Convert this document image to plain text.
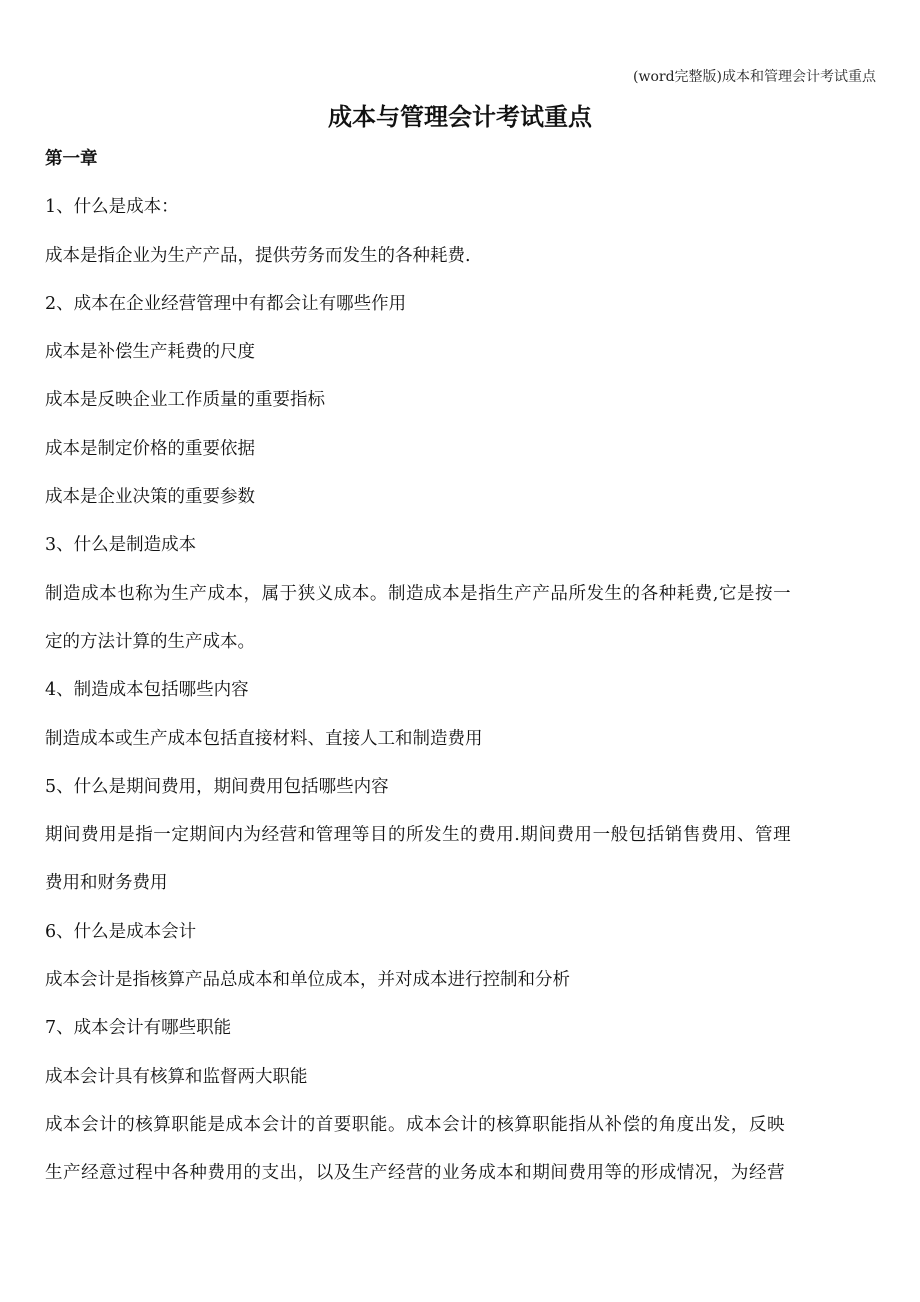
(word完整版)成本和管理会计考试重点
成本与管理会计考试重点
第一章
1、什么是成本：
成本是指企业为生产产品，提供劳务而发生的各种耗费.
2、成本在企业经营管理中有都会让有哪些作用
成本是补偿生产耗费的尺度
成本是反映企业工作质量的重要指标
成本是制定价格的重要依据
成本是企业决策的重要参数
3、什么是制造成本
制造成本也称为生产成本，属于狭义成本。制造成本是指生产产品所发生的各种耗费,它是按一
定的方法计算的生产成本。
4、制造成本包括哪些内容
制造成本或生产成本包括直接材料、直接人工和制造费用
5、什么是期间费用，期间费用包括哪些内容
期间费用是指一定期间内为经营和管理等目的所发生的费用.期间费用一般包括销售费用、管理
费用和财务费用
6、什么是成本会计
成本会计是指核算产品总成本和单位成本，并对成本进行控制和分析
7、成本会计有哪些职能
成本会计具有核算和监督两大职能
成本会计的核算职能是成本会计的首要职能。成本会计的核算职能指从补偿的角度出发，反映
生产经意过程中各种费用的支出，以及生产经营的业务成本和期间费用等的形成情况，为经营
